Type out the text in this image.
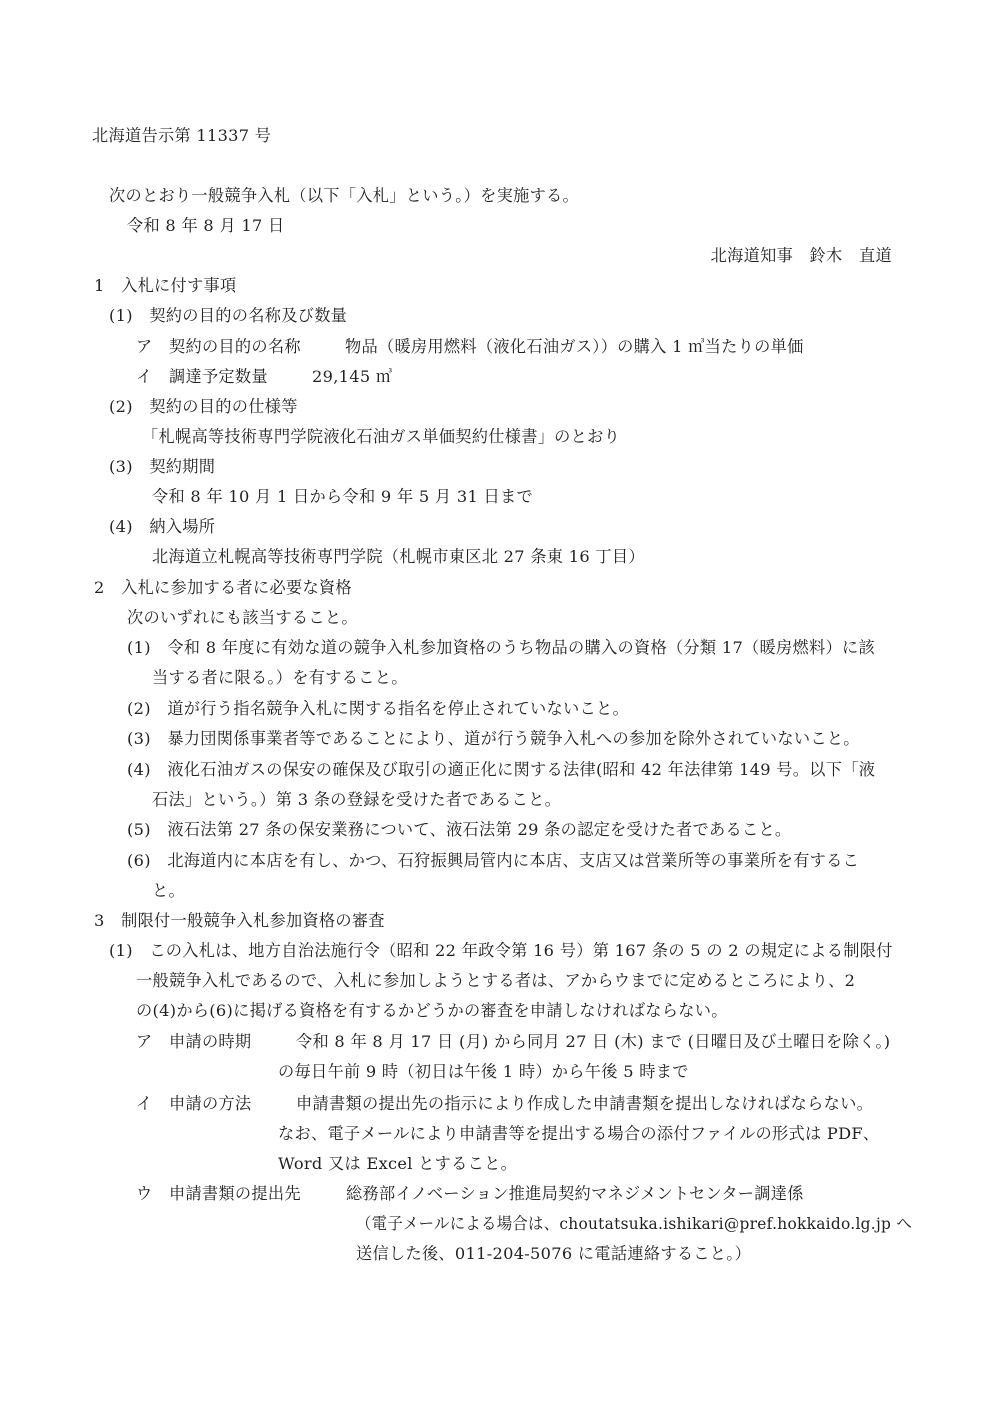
北海道告示第 11337 号
次のとおり一般競争入札（以下「入札」という。）を実施する。
令和 8 年 8 月 17 日
北海道知事　鈴木　直道
1　入札に付す事項
(1)　契約の目的の名称及び数量
ア　契約の目的の名称	物品（暖房用燃料（液化石油ガス））の購入 1 ㎥当たりの単価
イ　調達予定数量	29,145 ㎥
(2)　契約の目的の仕様等
「札幌高等技術専門学院液化石油ガス単価契約仕様書」のとおり
(3)　契約期間
令和 8 年 10 月 1 日から令和 9 年 5 月 31 日まで
(4)　納入場所
北海道立札幌高等技術専門学院（札幌市東区北 27 条東 16 丁目）
2　入札に参加する者に必要な資格
次のいずれにも該当すること。
(1)　令和 8 年度に有効な道の競争入札参加資格のうち物品の購入の資格（分類 17（暖房燃料）に該
当する者に限る。）を有すること。
(2)　道が行う指名競争入札に関する指名を停止されていないこと。
(3)　暴力団関係事業者等であることにより、道が行う競争入札への参加を除外されていないこと。
(4)　液化石油ガスの保安の確保及び取引の適正化に関する法律(昭和 42 年法律第 149 号。以下「液
石法」という。）第 3 条の登録を受けた者であること。
(5)　液石法第 27 条の保安業務について、液石法第 29 条の認定を受けた者であること。
(6)　北海道内に本店を有し、かつ、石狩振興局管内に本店、支店又は営業所等の事業所を有するこ
と。
3　制限付一般競争入札参加資格の審査
(1)　この入札は、地方自治法施行令（昭和 22 年政令第 16 号）第 167 条の 5 の 2 の規定による制限付
一般競争入札であるので、入札に参加しようとする者は、アからウまでに定めるところにより、2
の(4)から(6)に掲げる資格を有するかどうかの審査を申請しなければならない。
ア　申請の時期	令和 8 年 8 月 17 日 (月) から同月 27 日 (木) まで (日曜日及び土曜日を除く。)
の毎日午前 9 時（初日は午後 1 時）から午後 5 時まで
イ　申請の方法	申請書類の提出先の指示により作成した申請書類を提出しなければならない。
なお、電子メールにより申請書等を提出する場合の添付ファイルの形式は PDF、
Word 又は Excel とすること。
ウ　申請書類の提出先	総務部イノベーション推進局契約マネジメントセンター調達係
（電子メールによる場合は、choutatsuka.ishikari@pref.hokkaido.lg.jp へ
送信した後、011-204-5076 に電話連絡すること。）
